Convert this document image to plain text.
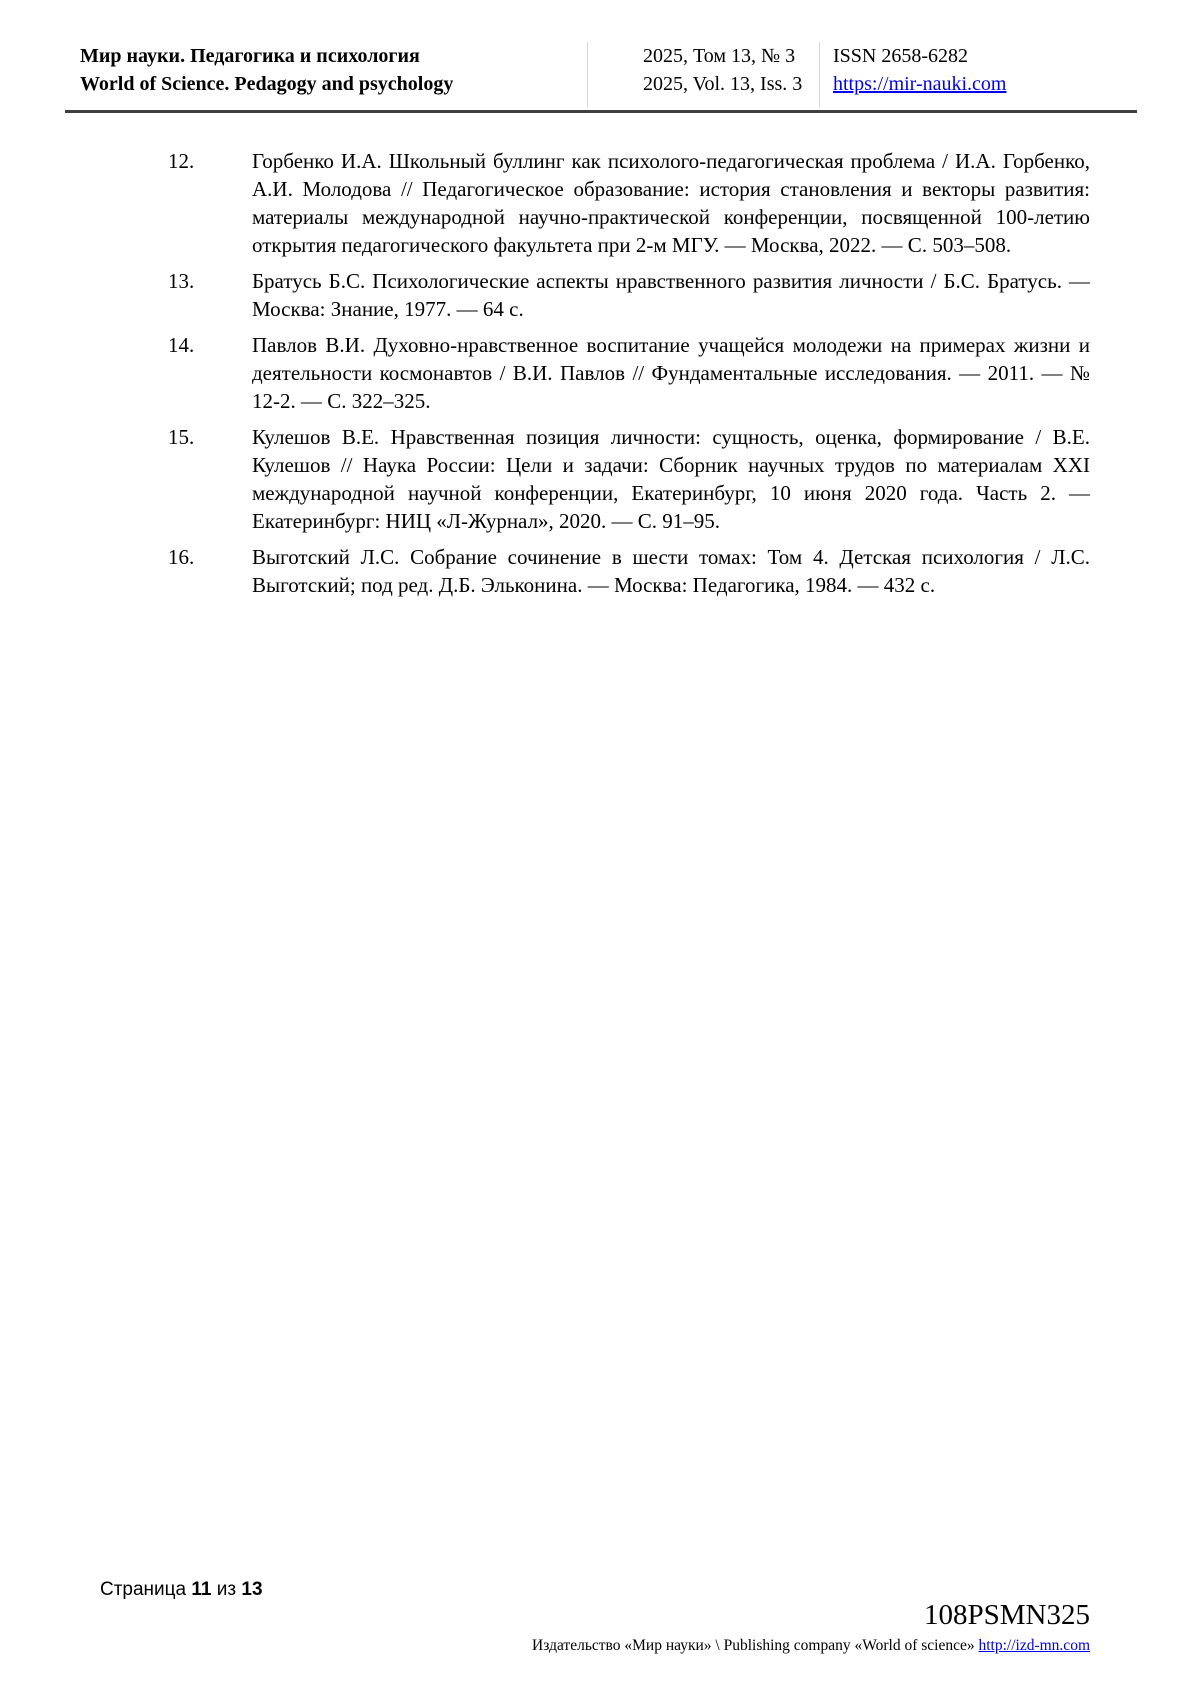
Мир науки. Педагогика и психология
World of Science. Pedagogy and psychology
2025, Том 13, № 3
2025, Vol. 13, Iss. 3
ISSN 2658-6282
https://mir-nauki.com
12.	Горбенко И.А. Школьный буллинг как психолого-педагогическая проблема / И.А. Горбенко, А.И. Молодова // Педагогическое образование: история становления и векторы развития: материалы международной научно-практической конференции, посвященной 100-летию открытия педагогического факультета при 2-м МГУ. — Москва, 2022. — С. 503–508.
13.	Братусь Б.С. Психологические аспекты нравственного развития личности / Б.С. Братусь. — Москва: Знание, 1977. — 64 с.
14.	Павлов В.И. Духовно-нравственное воспитание учащейся молодежи на примерах жизни и деятельности космонавтов / В.И. Павлов // Фундаментальные исследования. — 2011. — № 12-2. — С. 322–325.
15.	Кулешов В.Е. Нравственная позиция личности: сущность, оценка, формирование / В.Е. Кулешов // Наука России: Цели и задачи: Сборник научных трудов по материалам XXI международной научной конференции, Екатеринбург, 10 июня 2020 года. Часть 2. — Екатеринбург: НИЦ «Л-Журнал», 2020. — С. 91–95.
16.	Выготский Л.С. Собрание сочинение в шести томах: Том 4. Детская психология / Л.С. Выготский; под ред. Д.Б. Эльконина. — Москва: Педагогика, 1984. — 432 с.
Страница 11 из 13
108PSMN325
Издательство «Мир науки» \ Publishing company «World of science» http://izd-mn.com
